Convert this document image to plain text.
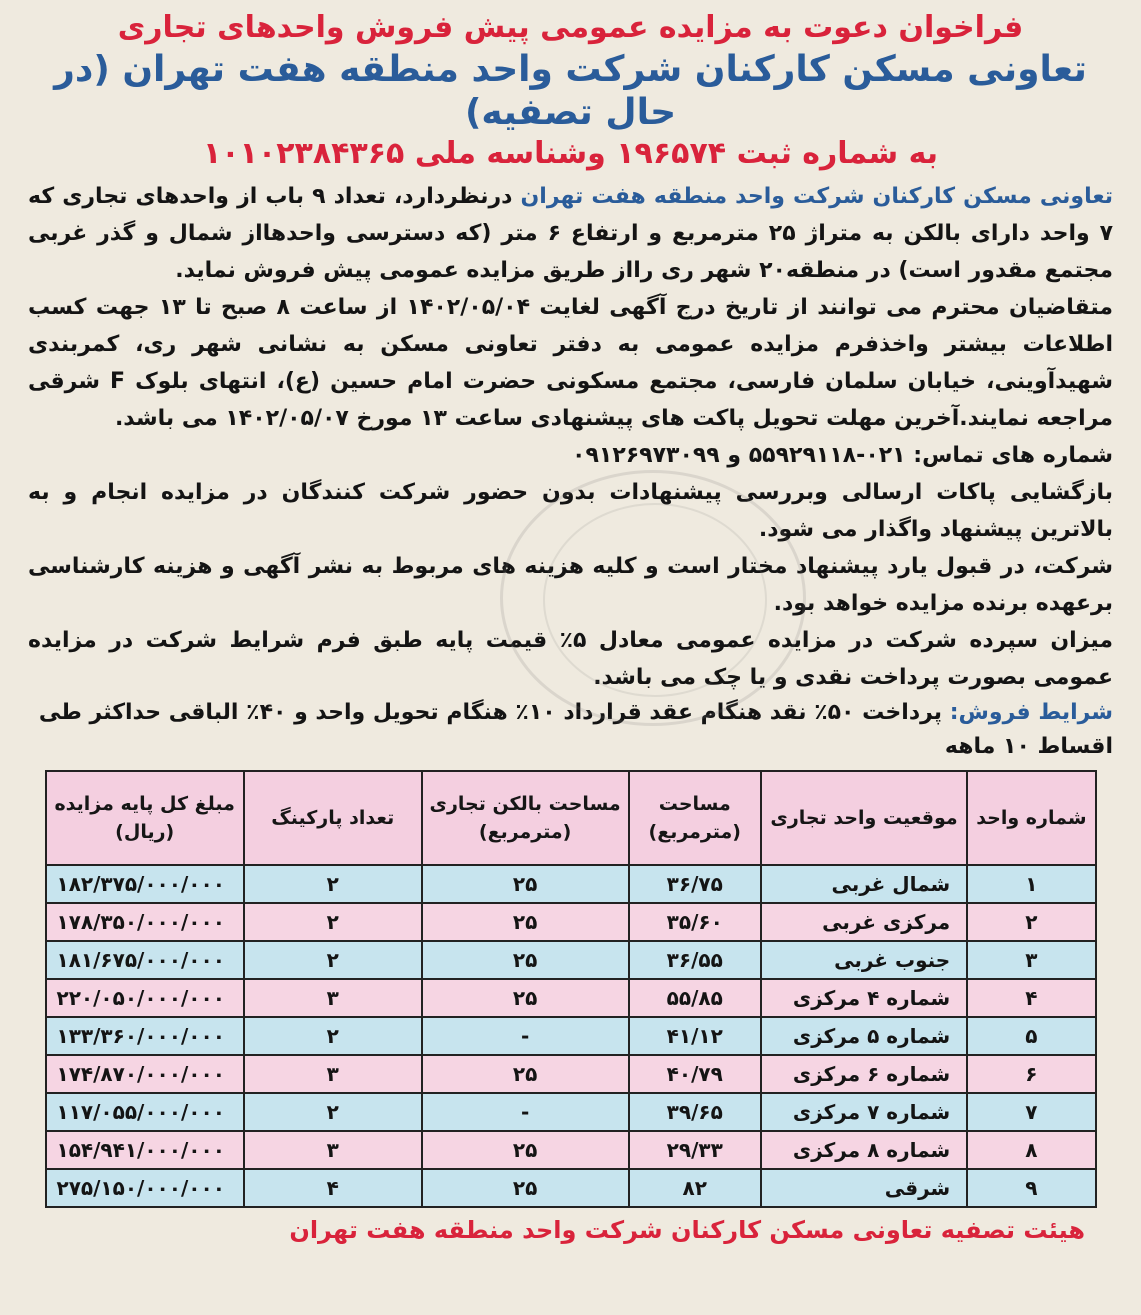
فراخوان دعوت به مزایده عمومی پیش فروش واحدهای تجاری
تعاونی مسکن کارکنان شرکت واحد منطقه هفت تهران (در حال تصفیه)
به شماره ثبت ۱۹۶۵۷۴ وشناسه ملی ۱۰۱۰۲۳۸۴۳۶۵

تعاونی مسکن کارکنان شرکت واحد منطقه هفت تهران درنظردارد، تعداد ۹ باب از واحدهای تجاری که ۷ واحد دارای بالکن به متراژ ۲۵ مترمربع و ارتفاع ۶ متر (که دسترسی واحدهااز شمال و گذر غربی مجتمع مقدور است) در منطقه۲۰ شهر ری رااز طریق مزایده عمومی پیش فروش نماید.

متقاضیان محترم می توانند از تاریخ درج آگهی لغایت ۱۴۰۲/۰۵/۰۴ از ساعت ۸ صبح تا ۱۳ جهت کسب اطلاعات بیشتر واخذفرم مزایده عمومی به دفتر تعاونی مسکن به نشانی شهر ری، کمربندی شهیدآوینی، خیابان سلمان فارسی، مجتمع مسکونی حضرت امام حسین (ع)، انتهای بلوک F شرقی مراجعه نمایند.آخرین مهلت تحویل پاکت های پیشنهادی ساعت ۱۳ مورخ ۱۴۰۲/۰۵/۰۷ می باشد.

شماره های تماس: ۰۲۱-۵۵۹۲۹۱۱۸ و ۰۹۱۲۶۹۷۳۰۹۹

بازگشایی پاکات ارسالی وبررسی پیشنهادات بدون حضور شرکت کنندگان در مزایده انجام و به بالاترین پیشنهاد واگذار می شود.

شرکت، در قبول یارد پیشنهاد مختار است و کلیه هزینه های مربوط به نشر آگهی و هزینه کارشناسی برعهده برنده مزایده خواهد بود.

میزان سپرده شرکت در مزایده عمومی معادل ۵٪ قیمت پایه طبق فرم شرایط شرکت در مزایده عمومی بصورت پرداخت نقدی و یا چک می باشد.

شرایط فروش: پرداخت ۵۰٪ نقد هنگام عقد قرارداد ۱۰٪ هنگام تحویل واحد و ۴۰٪ الباقی حداکثر طی اقساط ۱۰ ماهه

شماره واحد	موقعیت واحد تجاری	مساحت (مترمربع)	مساحت بالکن تجاری (مترمربع)	تعداد پارکینگ	مبلغ کل پایه مزایده (ریال)
۱	شمال غربی	۳۶/۷۵	۲۵	۲	۱۸۲/۳۷۵/۰۰۰/۰۰۰
۲	مرکزی غربی	۳۵/۶۰	۲۵	۲	۱۷۸/۳۵۰/۰۰۰/۰۰۰
۳	جنوب غربی	۳۶/۵۵	۲۵	۲	۱۸۱/۶۷۵/۰۰۰/۰۰۰
۴	شماره ۴ مرکزی	۵۵/۸۵	۲۵	۳	۲۲۰/۰۵۰/۰۰۰/۰۰۰
۵	شماره ۵ مرکزی	۴۱/۱۲	-	۲	۱۳۳/۳۶۰/۰۰۰/۰۰۰
۶	شماره ۶ مرکزی	۴۰/۷۹	۲۵	۳	۱۷۴/۸۷۰/۰۰۰/۰۰۰
۷	شماره ۷ مرکزی	۳۹/۶۵	-	۲	۱۱۷/۰۵۵/۰۰۰/۰۰۰
۸	شماره ۸ مرکزی	۲۹/۳۳	۲۵	۳	۱۵۴/۹۴۱/۰۰۰/۰۰۰
۹	شرقی	۸۲	۲۵	۴	۲۷۵/۱۵۰/۰۰۰/۰۰۰
هیئت تصفیه تعاونی مسکن کارکنان شرکت واحد منطقه هفت تهران
